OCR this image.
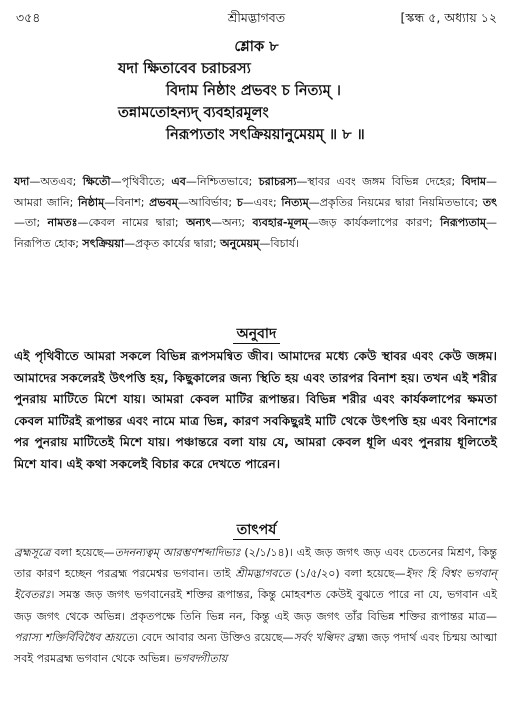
৩৫৪	শ্রীমদ্ভাগবত	[স্কন্ধ ৫, অধ্যায় ১২
শ্লোক ৮
যদা ক্ষিতাবেব চরাচরস্য
বিদাম নিষ্ঠাং প্রভবং চ নিত্যম্ ।
তন্নামতোহন্যদ্ ব্যবহারমূলং
নিরূপ্যতাং সৎক্রিয়য়ানুমেয়ম্ ॥ ৮ ॥
যদা—অতএব; ক্ষিতৌ—পৃথিবীতে; এব—নিশ্চিতভাবে; চরাচরস্য—স্থাবর এবং জঙ্গম বিভিন্ন দেহের; বিদাম—আমরা জানি; নিষ্ঠাম্—বিনাশ; প্রভবম্—আবির্ভাব; চ—এবং; নিত্যম্—প্রকৃতির নিয়মের দ্বারা নিয়মিতভাবে; তৎ—তা; নামতঃ—কেবল নামের দ্বারা; অন্যৎ—অন্য; ব্যবহার-মূলম্—জড় কার্যকলাপের কারণ; নিরূপ্যতাম্—নিরূপিত হোক; সৎক্রিয়য়া—প্রকৃত কার্যের দ্বারা; অনুমেয়ম্—বিচার্য।
অনুবাদ
এই পৃথিবীতে আমরা সকলে বিভিন্ন রূপসমন্বিত জীব। আমাদের মধ্যে কেউ স্থাবর এবং কেউ জঙ্গম। আমাদের সকলেরই উৎপত্তি হয়, কিছুকালের জন্য স্থিতি হয় এবং তারপর বিনাশ হয়। তখন এই শরীর পুনরায় মাটিতে মিশে যায়। আমরা কেবল মাটির রূপান্তর। বিভিন্ন শরীর এবং কার্যকলাপের ক্ষমতা কেবল মাটিরই রূপান্তর এবং নামে মাত্র ভিন্ন, কারণ সবকিছুরই মাটি থেকে উৎপত্তি হয় এবং বিনাশের পর পুনরায় মাটিতেই মিশে যায়। পঞ্চান্তরে বলা যায় যে, আমরা কেবল ধূলি এবং পুনরায় ধূলিতেই মিশে যাব। এই কথা সকলেই বিচার করে দেখতে পারেন।
তাৎপর্য
ব্রহ্মসূত্রে বলা হয়েছে—তদনন্যত্বম্ আরম্ভণশব্দাদিভ্যঃ (২/১/১৪)। এই জড় জগৎ জড় এবং চেতনের মিশ্রণ, কিন্তু তার কারণ হচ্ছেন পরব্রহ্ম পরমেশ্বর ভগবান। তাই শ্রীমদ্ভাগবতে (১/৫/২০) বলা হয়েছে—ইদং হি বিশ্বং ভগবান্ ইবেতরঃ। সমস্ত জড় জগৎ ভগবানেরই শক্তির রূপান্তর, কিন্তু মোহবশত কেউই বুঝতে পারে না যে, ভগবান এই জড় জগৎ থেকে অভিন্ন। প্রকৃতপক্ষে তিনি ভিন্ন নন, কিন্তু এই জড় জগৎ তাঁর বিভিন্ন শক্তির রূপান্তর মাত্র—পরাস্য শক্তির্বিবিধৈব শ্রূয়তে। বেদে আবার অন্য উক্তিও রয়েছে—সর্বং খল্বিদং ব্রহ্ম। জড় পদার্থ এবং চিন্ময় আত্মা সবই পরমব্রহ্ম ভগবান থেকে অভিন্ন। ভগবদ্গীতায়
